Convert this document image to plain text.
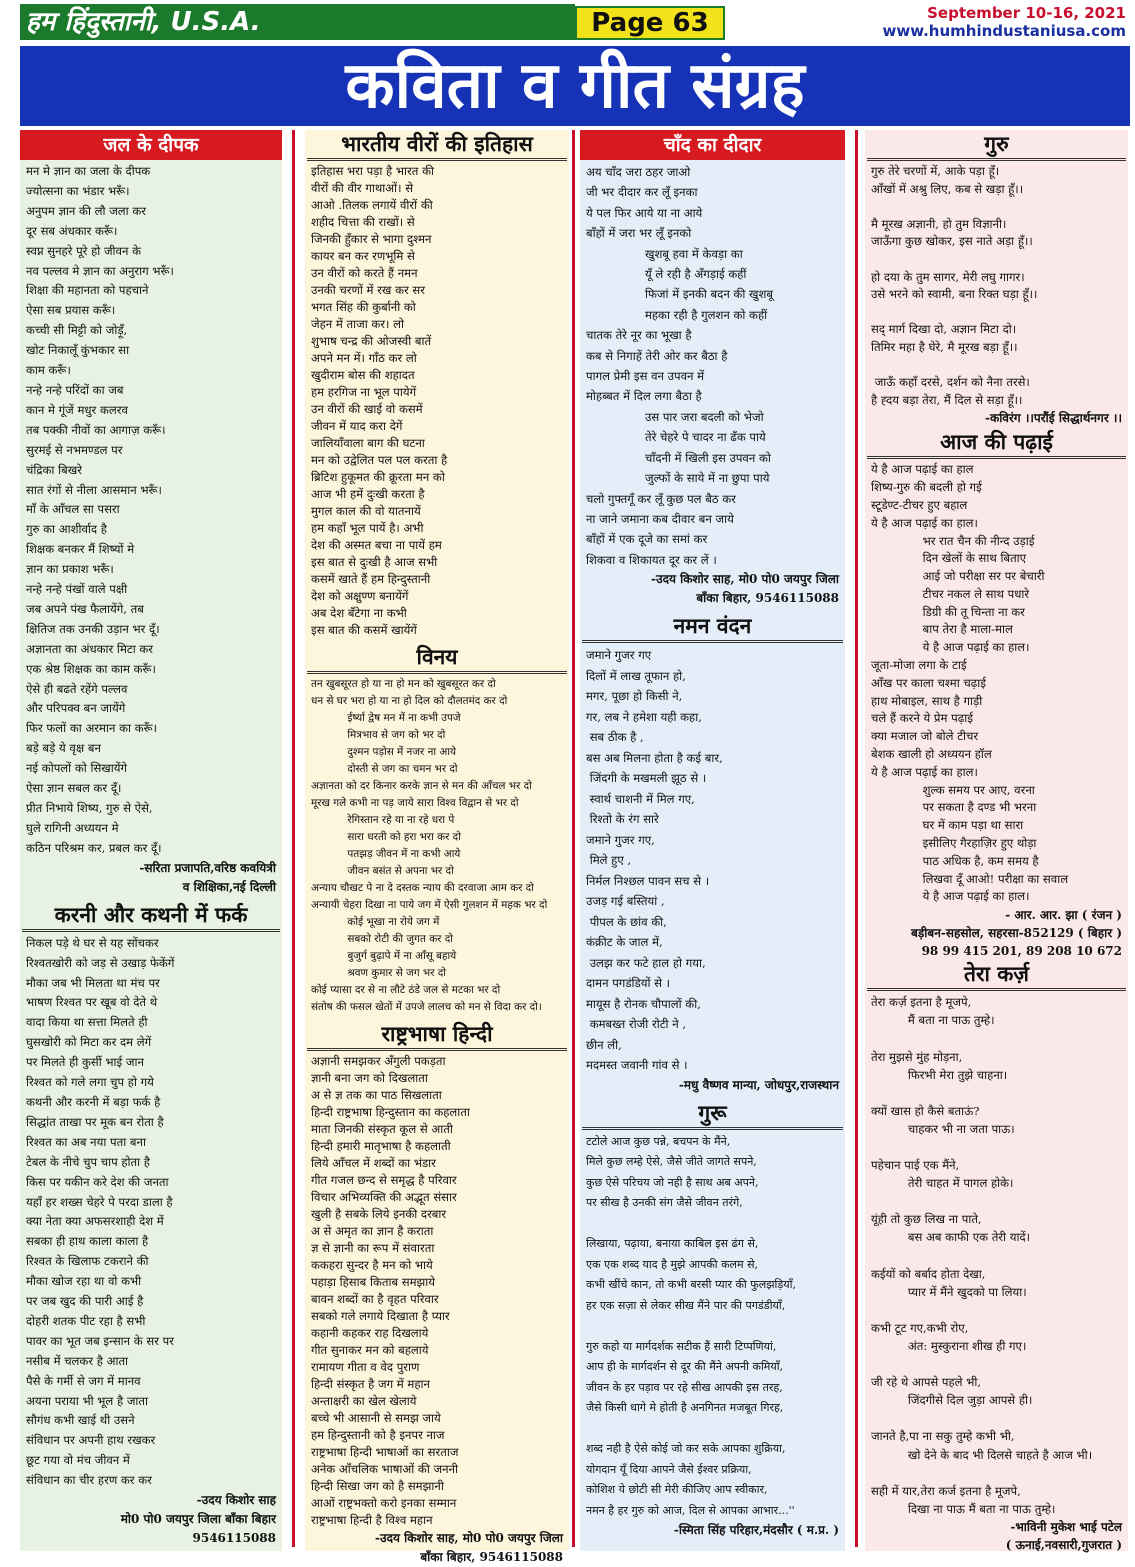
हम हिंदुस्तानी, U.S.A.	Page 63	September 10-16, 2021
www.humhindustaniusa.com
कविता व गीत संग्रह
जल के दीपक
मन मे ज्ञान का जला के दीपक
ज्योत्सना का भंडार भरूँ।
अनुपम ज्ञान की लौ जला कर
दूर सब अंधकार करूँ।
स्वप्न सुनहरे पूरे हो जीवन के
नव पल्लव मे ज्ञान का अनुराग भरूँ।
शिक्षा की महानता को पहचाने
ऐसा सब प्रयास करूँ।
कच्ची सी मिट्टी को जोड़ूँ,
खोट निकालूँ कुंभकार सा
काम करूँ।
नन्हे नन्हे परिंदों का जब
कान मे गूंजें मधुर कलरव
तब पक्की नीवों का आगाज़ करूँ।
सुरमई से नभमण्डल पर
चंद्रिका बिखरे
सात रंगों से नीला आसमान भरूँ।
माँ के आँचल सा पसरा
गुरु का आशीर्वाद है
शिक्षक बनकर मैं शिष्यों मे
ज्ञान का प्रकाश भरूँ।
नन्हे नन्हे पंखों वाले पक्षी
जब अपने पंख फैलायेंगे, तब
क्षितिज तक उनकी उड़ान भर दूँ।
अज्ञानता का अंधकार मिटा कर
एक श्रेष्ठ शिक्षक का काम करूँ।
ऐसे ही बढते रहेंगे पल्लव
और परिपक्व बन जायेंगे
फिर फलों का अरमान का करूँ।
बड़े बड़े ये वृक्ष बन
नई कोपलों को सिखायेंगे
ऐसा ज्ञान सबल कर दूँ।
प्रीत निभाये शिष्य, गुरु से ऐसे,
घुले रागिनी अध्ययन मे
कठिन परिश्रम कर, प्रबल कर दूँ।
-सरिता प्रजापति,वरिष्ठ कवयित्री
व शिक्षिका,नई दिल्ली
करनी और कथनी में फर्क
निकल पड़े थे घर से यह सोंचकर
रिश्वतखोरी को जड़ से उखाड़ फेकेंगें
मौका जब भी मिलता था मंच पर
भाषण रिश्वत पर खूब वो देते थे
वादा किया था सत्ता मिलते ही
घुसखोरी को मिटा कर दम लेगें
पर मिलते ही कुर्सी भाई जान
रिश्वत को गले लगा चुप हो गये
कथनी और करनी में बड़ा फर्क है
सिद्धांत ताखा पर मूक बन रोता है
रिश्वत का अब नया पता बना
टेबल के नीचे चुप चाप होता है
किस पर यकीन करे देश की जनता
यहाँ हर शख्स चेहरे पे परदा डाला है
क्या नेता क्या अफसरशाही देश में
सबका ही हाथ काला काला है
रिश्वत के खिलाफ टकराने की
मौका खोज रहा था वो कभी
पर जब खुद की पारी आई है
दोहरी शतक पीट रहा है सभी
पावर का भूत जब इन्सान के सर पर
नसीब में चलकर है आता
पैसे के गर्मी से जग में मानव
अयना पराया भी भूल है जाता
सौगंध कभी खाई थी उसने
संविधान पर अपनी हाथ रखकर
छूट गया वो मंच जीवन में
संविधान का चीर हरण कर कर
-उदय किशोर साह
मो0 पो0 जयपुर जिला बाँका बिहार
9546115088
भारतीय वीरों की इतिहास
इतिहास भरा पड़ा है भारत की
वीरों की वीर गाथाओं। से
आओ .तिलक लगायें वीरों की
शहीद चित्ता की राखों। से
जिनकी हुँकार से भागा दुश्मन
कायर बन कर रणभूमि से
उन वीरों को करते हैं नमन
उनकी चरणों में रख कर सर
भगत सिंह की कुर्बानी को
जेहन में ताजा कर। लो
शुभाष चन्द्र की ओजस्वी बातें
अपने मन में। गाँठ कर लो
खुदीराम बोस की शहादत
हम हरगिज ना भूल पायेगें
उन वीरों की खाई वो कसमें
जीवन में याद करा देगें
जालियाँवाला बाग की घटना
मन को उद्वेलित पल पल करता है
ब्रिटिश हुकूमत की क्रूरता मन को
आज भी हमें दुःखी करता है
मुगल काल की वो यातनायें
हम कहाँ भूल पायें है। अभी
देश की अस्मत बचा ना पायें हम
इस बात से दुःखी है आज सभी
कसमें खाते हैं हम हिन्दुस्तानी
देश को अक्षुण्ण बनायेंगें
अब देश बँटेगा ना कभी
इस बात की कसमें खायेंगें
विनय
तन खुबसूरत हो या ना हो मन को खुबसूरत कर दो
धन से घर भरा हो या ना हो दिल को दौलतमंद कर दो
ईर्ष्या द्वेष मन में ना कभी उपजे
मित्रभाव से जग को भर दो
दुश्मन पड़ोस में नजर ना आये
दोस्ती से जग का चमन भर दो
अज्ञानता को दर किनार करके ज्ञान से मन की आँचल भर दो
मूरख गले कभी ना पड़ जाये सारा विश्व विद्वान से भर दो
रेगिस्तान रहे या ना रहे धरा पे
सारा धरती को हरा भरा कर दो
पतझड़ जीवन में ना कभी आये
जीवन बसंत से अपना भर दो
अन्याय चौखट पे ना दे दस्तक न्याय की दरवाजा आम कर दो
अन्यायी चेहरा दिखा ना पाये जग में ऐसी गुलशन में महक भर दो
कोई भूखा ना रोये जग में
सबको रोटी की जुगत कर दो
बुजुर्ग बुढ़ापे में ना आँसू बहाये
श्रवण कुमार से जग भर दो
कोई प्यासा दर से ना लौटे ठंडे जल से मटका भर दो
संतोष की फसल खेतों में उपजे लालच को मन से विदा कर दो।
राष्ट्रभाषा हिन्दी
अज्ञानी समझकर अँगुली पकड़ता
ज्ञानी बना जग को दिखलाता
अ से ज्ञ तक का पाठ सिखलाता
हिन्दी राष्ट्रभाषा हिन्दुस्तान का कहलाता
माता जिनकी संस्कृत कूल से आती
हिन्दी हमारी मातृभाषा है कहलाती
लिये आँचल में शब्दों का भंडार
गीत गजल छन्द से समृद्ध है परिवार
विचार अभिव्यक्ति की अद्भूत संसार
खुली है सबके लिये इनकी दरबार
अ से अमृत का ज्ञान है कराता
ज्ञ से ज्ञानी का रूप में संवारता
ककहरा सुन्दर है मन को भाये
पहाड़ा हिसाब किताब समझाये
बावन शब्दों का है वृहत परिवार
सबको गले लगाये दिखाता है प्यार
कहानी कहकर राह दिखलाये
गीत सुनाकर मन को बहलाये
रामायण गीता व वेद पुराण
हिन्दी संस्कृत है जग में महान
अन्ताक्षरी का खेल खेलाये
बच्चे भी आसानी से समझ जाये
हम हिन्दुस्तानी को है इनपर नाज
राष्ट्रभाषा हिन्दी भाषाओं का सरताज
अनेक आँचलिक भाषाओं की जननी
हिन्दी सिखा जग को है समझानी
आओं राष्ट्रभक्तो करो इनका सम्मान
राष्ट्रभाषा हिन्दी है विश्व महान
-उदय किशोर साह, मो0 पो0 जयपुर जिला
बाँका बिहार, 9546115088
चाँद का दीदार
अय चाँद जरा ठहर जाओ
जी भर दीदार कर लूँ इनका
ये पल फिर आये या ना आये
बाँहों में जरा भर लूँ इनको
खुशबू हवा में केवड़ा का
यूँ ले रही है अँगड़ाई कहीं
फिजां में इनकी बदन की खुशबू
महका रही है गुलशन को कहीं
चातक तेरे नूर का भूखा है
कब से निगाहें तेरी ओर कर बैठा है
पागल प्रेमी इस वन उपवन में
मोहब्बत में दिल लगा बैठा है
उस पार जरा बदली को भेजो
तेरे चेहरे पे चादर ना ढँक पाये
चाँदनी में खिली इस उपवन को
जुल्फों के साये में ना छुपा पाये
चलो गुफ्तगूँ कर लूँ कुछ पल बैठ कर
ना जाने जमाना कब दीवार बन जाये
बाँहों में एक दूजे का समां कर
शिकवा व शिकायत दूर कर लें ।
-उदय किशोर साह, मो0 पो0 जयपुर जिला
बाँका बिहार, 9546115088
नमन वंदन
जमाने गुजर गए
दिलों में लाख तूफान हो,
मगर, पूछा हो किसी ने,
गर, लब ने हमेशा यही कहा,
सब ठीक है ,
बस अब मिलना होता है कई बार,
जिंदगी के मखमली झूठ से ।
स्वार्थ चाशनी में मिल गए,
रिश्तो के रंग सारे
जमाने गुजर गए,
मिले हुए ,
निर्मल निश्छल पावन सच से ।
उजड़ गई बस्तियां ,
पीपल के छांव की,
कंक्रीट के जाल में,
उलझ कर फटे हाल हो गया,
दामन पगडंडियों से ।
मायूस है रोनक चौपालों की,
कमबख्त रोजी रोटी ने ,
छीन ली,
मदमस्त जवानी गांव से ।
-मधु वैष्णव मान्या, जोधपुर,राजस्थान
गुरू
टटोले आज कुछ पन्ने, बचपन के मैंने,
मिले कुछ लम्हे ऐसे, जैसे जीते जागते सपने,
कुछ ऐसे परिचय जो नही है साथ अब अपने,
पर सीख है उनकी संग जैसे जीवन तरंगे,

लिखाया, पढ़ाया, बनाया काबिल इस ढंग से,
एक एक शब्द याद है मुझे आपकी कलम से,
कभी खींचे कान, तो कभी बरसी प्यार की फुलझड़ियाँ,
हर एक सज़ा से लेकर सीख मैंने पार की पगडंडीयाँ,

गुरु कहो या मार्गदर्शक सटीक हैं सारी टिप्पणियां,
आप ही के मार्गदर्शन से दूर की मैंने अपनी कमियाँ,
जीवन के हर पड़ाव पर रहे सीख आपकी इस तरह,
जैसे किसी धागे मे होती है अनगिनत मजबूत गिरह,

शब्द नही है ऐसे कोई जो कर सके आपका शुक्रिया,
योगदान यूँ दिया आपने जैसे ईश्वर प्रक्रिया,
कोशिश ये छोटी सी मेरी कीजिए आप स्वीकार,
नमन है हर गुरु को आज, दिल से आपका आभार...''
-स्मिता सिंह परिहार,मंदसौर ( म.प्र. )
गुरु
गुरु तेरे चरणों में, आके पड़ा हूँ।
आँखों में अश्रु लिए, कब से खड़ा हूँ।।

मै मूरख अज्ञानी, हो तुम विज्ञानी।
जाऊँगा कुछ खोकर, इस नाते अड़ा हूँ।।

हो दया के तुम सागर, मेरी लघु गागर।
उसे भरने को स्वामी, बना रिक्त घड़ा हूँ।।

सद् मार्ग दिखा दो, अज्ञान मिटा दो।
तिमिर महा है घेरे, मै मूरख बड़ा हूँ।।

जाऊँ कहाँ दरसे, दर्शन को नैना तरसे।
है ह्दय बड़ा तेरा, मैं दिल से सड़ा हूँ।।
-कविरंग ।।परौंई सिद्धार्थनगर ।।
आज की पढ़ाई
ये है आज पढ़ाई का हाल
शिष्य-गुरु की बदली हो गई
स्टूडेण्ट-टीचर हुए बहाल
ये है आज पढ़ाई का हाल।
भर रात चैन की नीन्द उड़ाई
दिन खेलों के साथ बिताए
आई जो परीक्षा सर पर बेचारी
टीचर नकल ले साथ पधारे
डिग्री की तू चिन्ता ना कर
बाप तेरा है माला-माल
ये है आज पढ़ाई का हाल।
जूता-मोजा लगा के टाई
आँख पर काला चश्मा चढ़ाई
हाथ मोबाइल, साथ है गाड़ी
चले हैं करने ये प्रेम पढ़ाई
क्या मजाल जो बोले टीचर
बेशक खाली हो अध्ययन हॉल
ये है आज पढ़ाई का हाल।
शुल्क समय पर आए, वरना
पर सकता है दण्ड भी भरना
घर में काम पड़ा था सारा
इसीलिए गैरहाज़िर हुए थोड़ा
पाठ अधिक है, कम समय है
लिखवा दूँ आओ! परीक्षा का सवाल
ये है आज पढ़ाई का हाल।
- आर. आर. झा ( रंजन )
बड़ीबन-सहसोल, सहरसा-852129 ( बिहार )
98 99 415 201, 89 208 10 672
तेरा कर्ज़
तेरा कर्ज़ इतना है मूजपे,
मैं बता ना पाऊ तुम्हे।

तेरा मुझसे मुंह मोड़ना,
फिरभी मेरा तुझे चाहना।

क्यों खास हो कैसे बताऊं?
चाहकर भी ना जता पाऊ।

पहेचान पाई एक मैंने,
तेरी चाहत में पागल होके।

यूंही तो कुछ लिख ना पाते,
बस अब काफी एक तेरी यादें।

कईयों को बर्बाद होता देखा,
प्यार में मैंने खुदको पा लिया।

कभी टूट गए,कभी रोए,
अंत: मुस्कुराना शीख ही गए।

जी रहे थे आपसे पहले भी,
जिंदगीसे दिल जुड़ा आपसे ही।

जानते है,पा ना सकु तुम्हे कभी भी,
खो देने के बाद भी दिलसे चाहते है आज भी।

सही में यार,तेरा कर्ज इतना है मूजपे,
दिखा ना पाऊ मैं बता ना पाऊ तुम्हे।
-भाविनी मुकेश भाई पटेल
( ऊनाई,नवसारी,गुजरात )
